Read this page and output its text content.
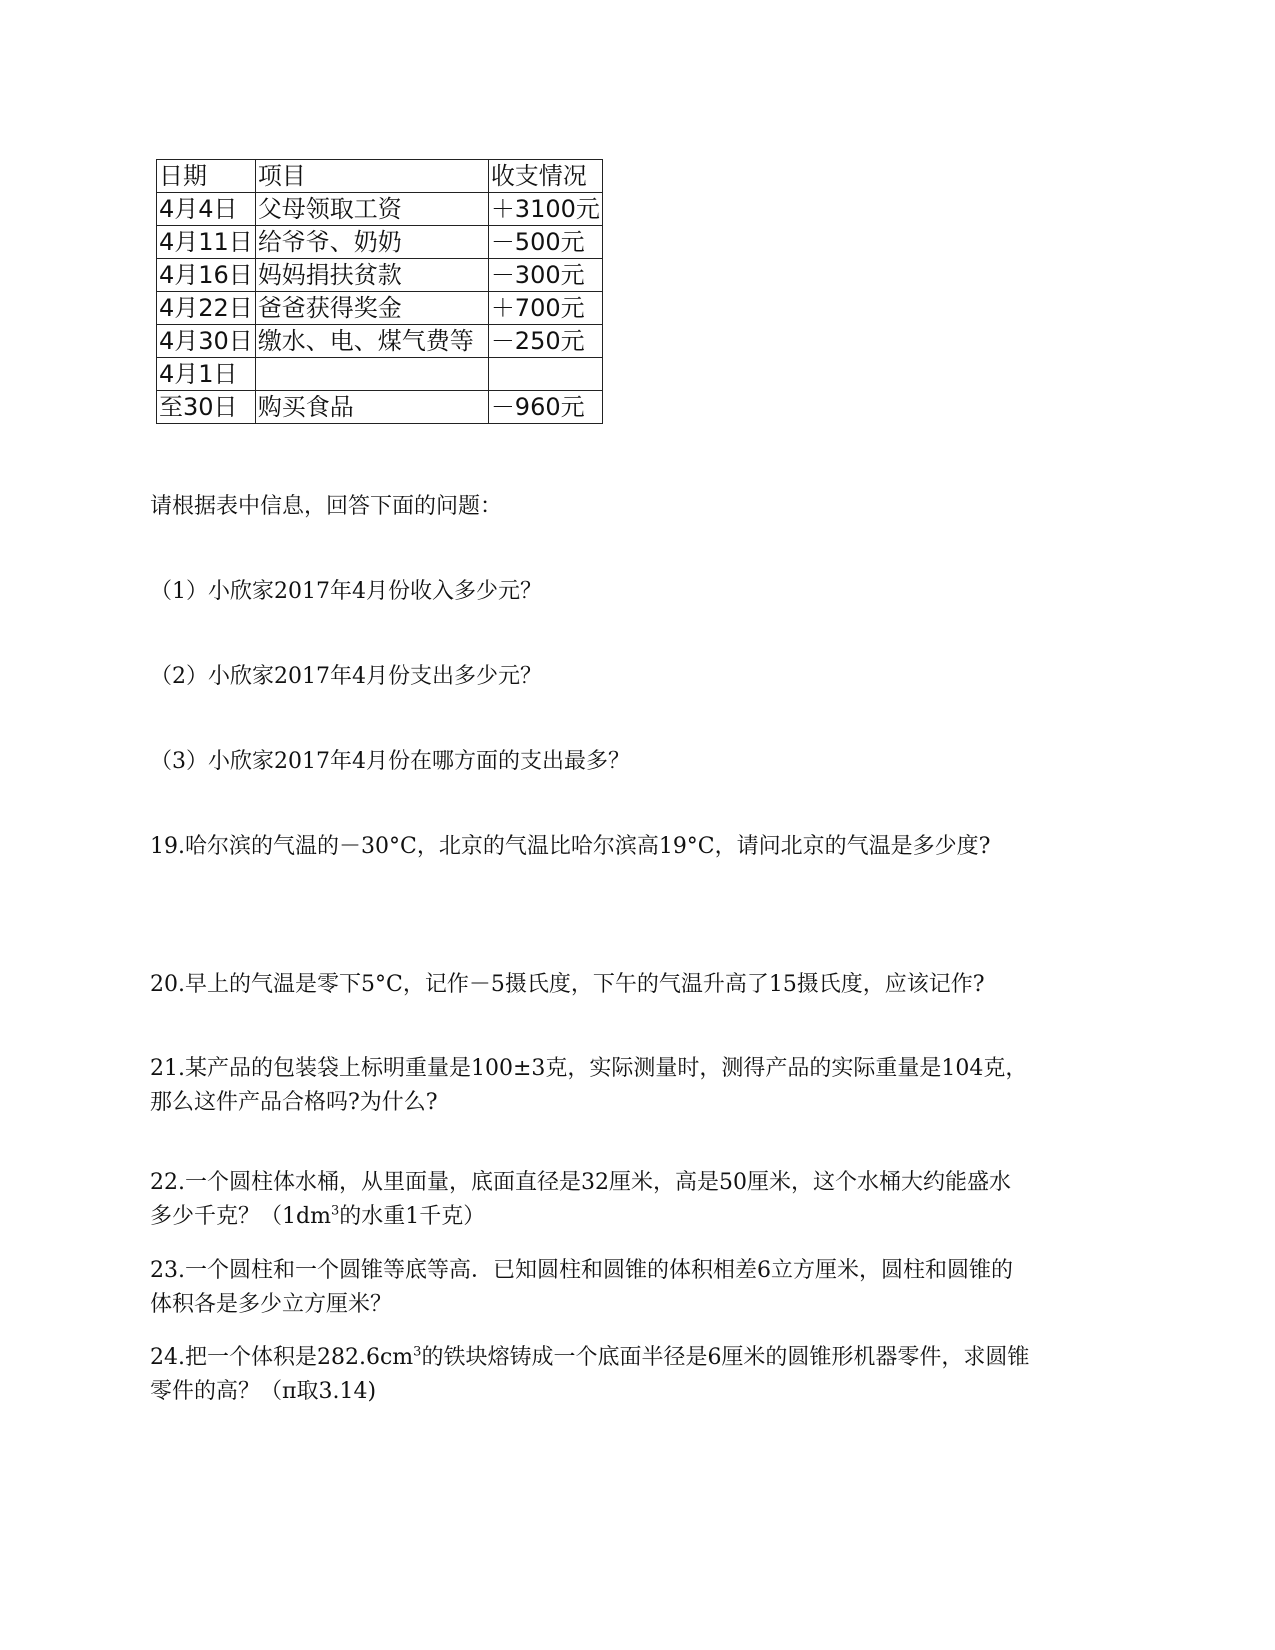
日期	项目	收支情况
4月4日	父母领取工资	＋3100元
4月11日	给爷爷、奶奶	－500元
4月16日	妈妈捐扶贫款	－300元
4月22日	爸爸获得奖金	＋700元
4月30日	缴水、电、煤气费等	－250元
4月1日		
至30日	购买食品	－960元
请根据表中信息，回答下面的问题：
（1）小欣家2017年4月份收入多少元？
（2）小欣家2017年4月份支出多少元？
（3）小欣家2017年4月份在哪方面的支出最多？
19.哈尔滨的气温的－30°C，北京的气温比哈尔滨高19°C，请问北京的气温是多少度?
20.早上的气温是零下5°C，记作－5摄氏度，下午的气温升高了15摄氏度，应该记作?
21.某产品的包装袋上标明重量是100±3克，实际测量时，测得产品的实际重量是104克，
那么这件产品合格吗?为什么?
22.一个圆柱体水桶，从里面量，底面直径是32厘米，高是50厘米，这个水桶大约能盛水
多少千克？（$1dm^3$的水重1千克）
23.一个圆柱和一个圆锥等底等高．已知圆柱和圆锥的体积相差6立方厘米，圆柱和圆锥的
体积各是多少立方厘米？
24.把一个体积是$282.6cm^3$的铁块熔铸成一个底面半径是6厘米的圆锥形机器零件，求圆锥
零件的高？（π取3.14)
